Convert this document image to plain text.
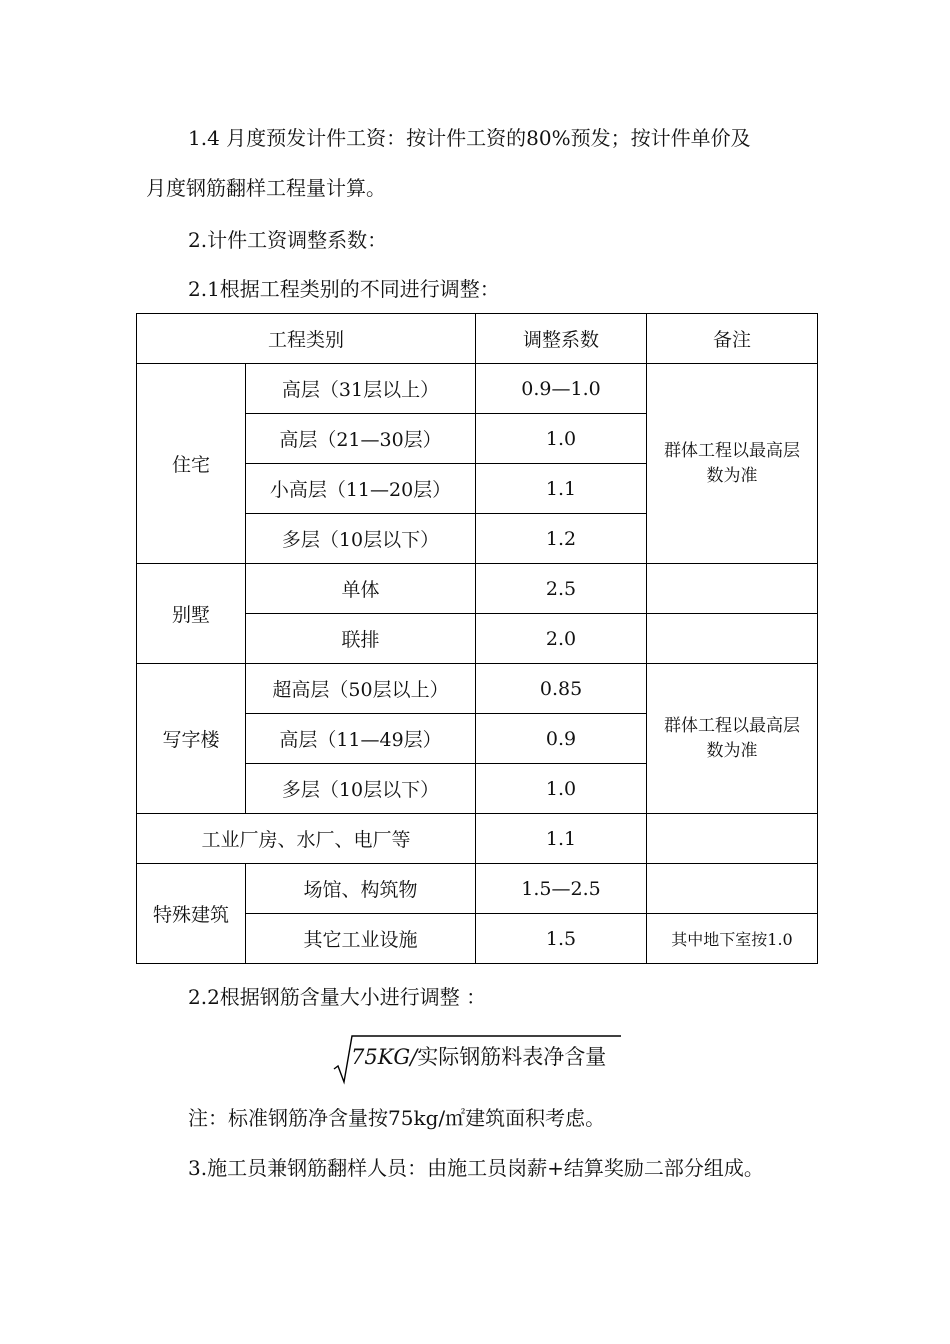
1.4 月度预发计件工资：按计件工资的80%预发；按计件单价及
月度钢筋翻样工程量计算。
2.计件工资调整系数：
2.1根据工程类别的不同进行调整：
工程类别		调整系数	备注
住宅	高层（31层以上）	0.9—1.0	群体工程以最高层数为准

	高层（21—30层）	1.0	
	小高层（11—20层）	1.1	
	多层（10层以下）	1.2	
别墅	单体	2.5	
	联排	2.0	
写字楼	超高层（50层以上）	0.85	群体工程以最高层数为准

	高层（11—49层）	0.9	
	多层（10层以下）	1.0	
工业厂房、水厂、电厂等		1.1	
特殊建筑	场馆、构筑物	1.5—2.5	
	其它工业设施	1.5	其中地下室按1.0
2.2根据钢筋含量大小进行调整 ：
75KG/实际钢筋料表净含量
注：标准钢筋净含量按75kg/㎡建筑面积考虑。
3.施工员兼钢筋翻样人员：由施工员岗薪+结算奖励二部分组成。
